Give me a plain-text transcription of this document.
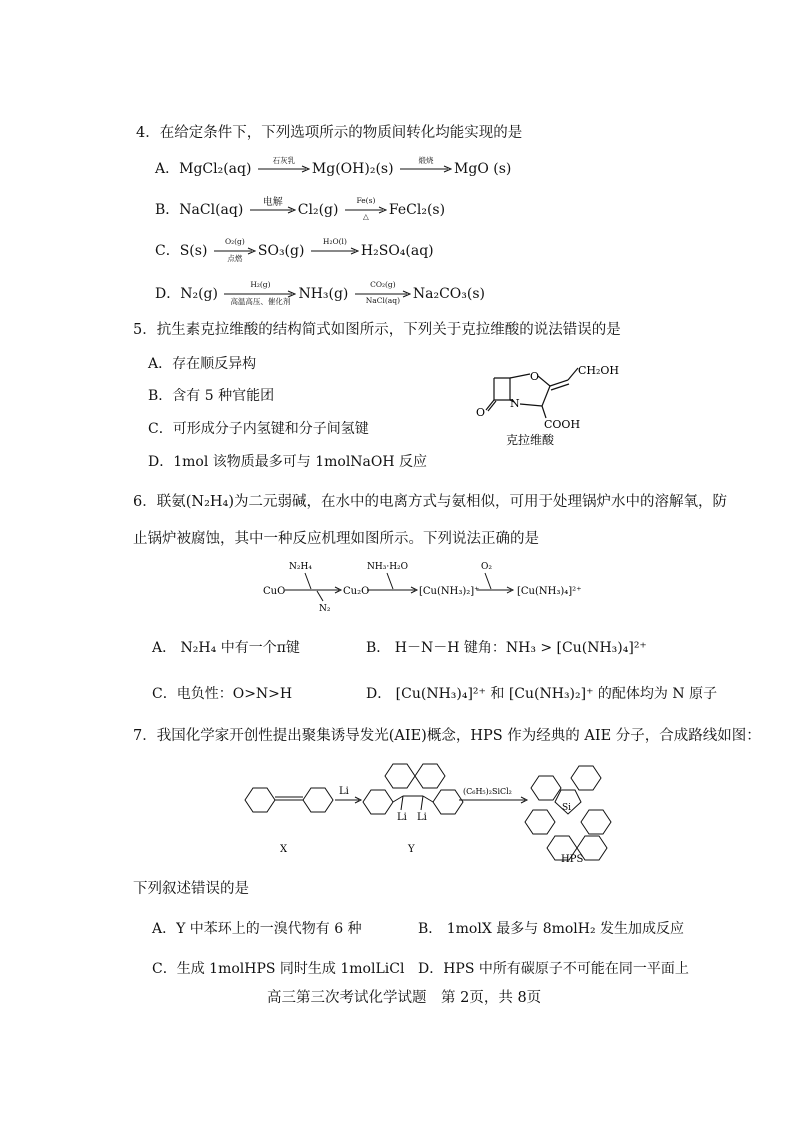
4．在给定条件下，下列选项所示的物质间转化均能实现的是
A．MgCl₂(aq)
石灰乳
Mg(OH)₂(s)
煅烧
MgO (s)
B．NaCl(aq)	电解	Cl₂(g)
Fe(s)
△	FeCl₂(s)
C．S(s)
O₂(g)
点燃	SO₃(g)
H₂O(l)
H₂SO₄(aq)
D．N₂(g)
H₂(g)
高温高压、催化剂 NH₃(g)
CO₂(g)
NaCl(aq) Na₂CO₃(s)
5．抗生素克拉维酸的结构简式如图所示，下列关于克拉维酸的说法错误的是
A．存在顺反异构
B．含有 5 种官能团
C．可形成分子内氢键和分子间氢键
D．1mol 该物质最多可与 1molNaOH 反应
O	CH₂OH
O
N
COOH
克拉维酸
6．联氨(N₂H₄)为二元弱碱，在水中的电离方式与氨相似，可用于处理锅炉水中的溶解氧，防
止锅炉被腐蚀，其中一种反应机理如图所示。下列说法正确的是
CuO
N₂H₄
N₂
Cu₂O
NH₃·H₂O
[Cu(NH₃)₂]⁺
O₂
[Cu(NH₃)₄]²⁺
A． N₂H₄ 中有一个π键	B． H－N－H 键角：NH₃ > [Cu(NH₃)₄]²⁺
C．电负性：O>N>H	D． [Cu(NH₃)₄]²⁺ 和 [Cu(NH₃)₂]⁺ 的配体均为 N 原子
7．我国化学家开创性提出聚集诱导发光(AIE)概念，HPS 作为经典的 AIE 分子，合成路线如图：
Li
Li Li
(C₆H₅)₂SiCl₂
Si
X	Y
HPS
下列叙述错误的是
A．Y 中苯环上的一溴代物有 6 种	B． 1molX 最多与 8molH₂ 发生加成反应
C．生成 1molHPS 同时生成 1molLiCl D．HPS 中所有碳原子不可能在同一平面上
高三第三次考试化学试题　第 2页，共 8页
